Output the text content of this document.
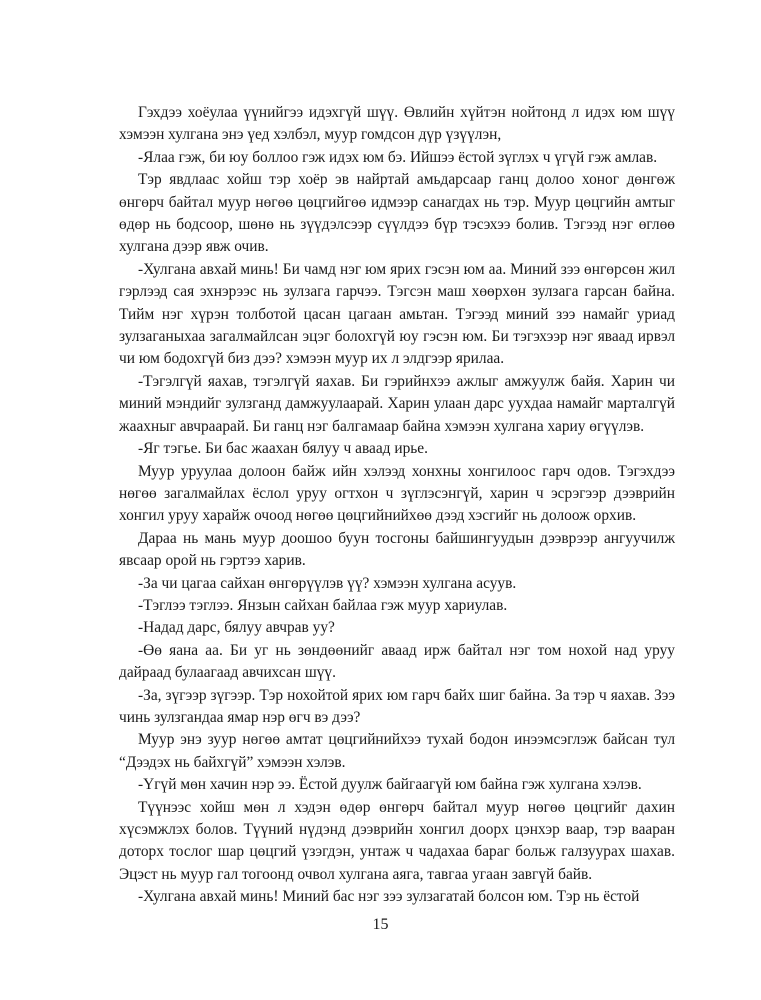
Гэхдээ хоёулаа үүнийгээ идэхгүй шүү. Өвлийн хүйтэн нойтонд л идэх юм шүү хэмээн хулгана энэ үед хэлбэл, муур гомдсон дүр үзүүлэн,

-Ялаа гэж, би юу боллоо гэж идэх юм бэ. Ийшээ ёстой зүглэх ч үгүй гэж амлав.

Тэр явдлаас хойш тэр хоёр эв найртай амьдарсаар ганц долоо хоног дөнгөж өнгөрч байтал муур нөгөө цөцгийгөө идмээр санагдах нь тэр. Муур цөцгийн амтыг өдөр нь бодсоор, шөнө нь зүүдэлсээр сүүлдээ бүр тэсэхээ болив. Тэгээд нэг өглөө хулгана дээр явж очив.

-Хулгана авхай минь! Би чамд нэг юм ярих гэсэн юм аа. Миний зээ өнгөрсөн жил гэрлээд сая эхнэрээс нь зулзага гарчээ. Тэгсэн маш хөөрхөн зулзага гарсан байна. Тийм нэг хүрэн толботой цасан цагаан амьтан. Тэгээд миний зээ намайг уриад зулзаганыхаа загалмайлсан эцэг болохгүй юу гэсэн юм. Би тэгэхээр нэг яваад ирвэл чи юм бодохгүй биз дээ? хэмээн муур их л элдгээр ярилаа.

-Тэгэлгүй яахав, тэгэлгүй яахав. Би гэрийнхээ ажлыг амжуулж байя. Харин чи миний мэндийг зулзганд дамжуулаарай. Харин улаан дарс уухдаа намайг марталгүй жаахныг авчраарай. Би ганц нэг балгамаар байна хэмээн хулгана хариу өгүүлэв.

-Яг тэгье. Би бас жаахан бялуу ч аваад ирье.

Муур уруулаа долоон байж ийн хэлээд хонхны хонгилоос гарч одов. Тэгэхдээ нөгөө загалмайлах ёслол уруу огтхон ч зүглэсэнгүй, харин ч эсрэгээр дээврийн хонгил уруу харайж очоод нөгөө цөцгийнийхөө дээд хэсгийг нь долоож орхив.

Дараа нь мань муур доошоо буун тосгоны байшингуудын дээврээр ангуучилж явсаар орой нь гэртээ харив.

-За чи цагаа сайхан өнгөрүүлэв үү? хэмээн хулгана асуув.

-Тэглээ тэглээ. Янзын сайхан байлаа гэж муур хариулав.

-Надад дарс, бялуу авчрав уу?

-Өө яана аа. Би уг нь зөндөөнийг аваад ирж байтал нэг том нохой над уруу дайраад булаагаад авчихсан шүү.

-За, зүгээр зүгээр. Тэр нохойтой ярих юм гарч байх шиг байна. За тэр ч яахав. Зээ чинь зулзгандаа ямар нэр өгч вэ дээ?

Муур энэ зуур нөгөө амтат цөцгийнийхээ тухай бодон инээмсэглэж байсан тул “Дээдэх нь байхгүй” хэмээн хэлэв.

-Үгүй мөн хачин нэр ээ. Ёстой дуулж байгаагүй юм байна гэж хулгана хэлэв.

Түүнээс хойш мөн л хэдэн өдөр өнгөрч байтал муур нөгөө цөцгийг дахин хүсэмжлэх болов. Түүний нүдэнд дээврийн хонгил доорх цэнхэр ваар, тэр вааран доторх тослог шар цөцгий үзэгдэн, унтаж ч чадахаа бараг больж галзуурах шахав. Эцэст нь муур гал тогоонд очвол хулгана аяга, тавгаа угаан завгүй байв.

-Хулгана авхай минь! Миний бас нэг зээ зулзагатай болсон юм. Тэр нь ёстой

15
